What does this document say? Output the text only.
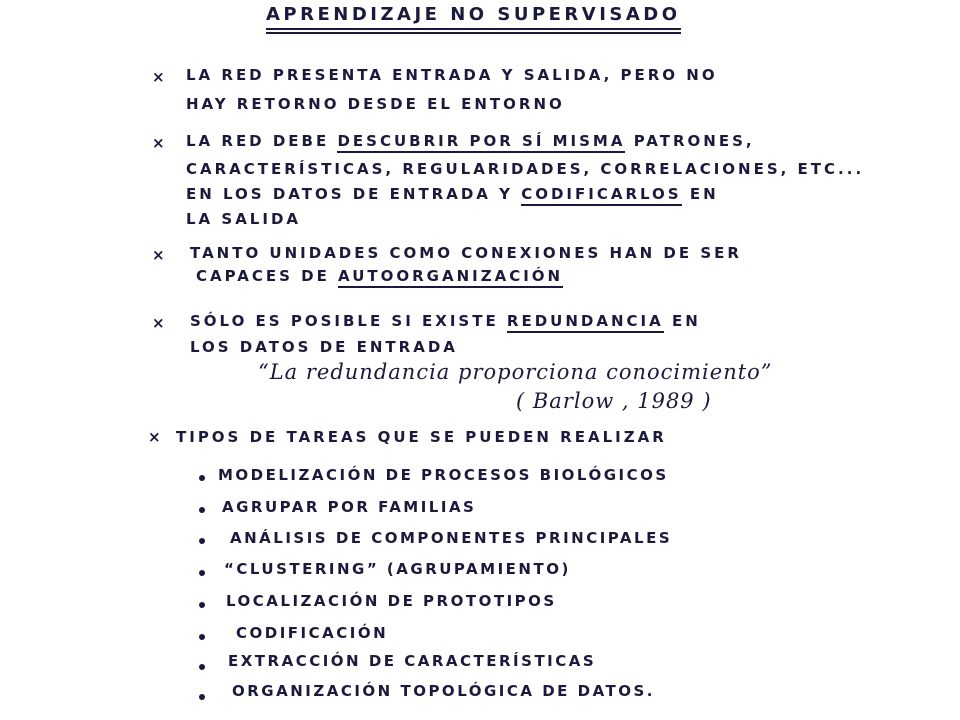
APRENDIZAJE NO SUPERVISADO
× LA RED PRESENTA ENTRADA Y SALIDA, PERO NO
HAY RETORNO DESDE EL ENTORNO
× LA RED DEBE DESCUBRIR POR SÍ MISMA PATRONES,
CARACTERÍSTICAS, REGULARIDADES, CORRELACIONES, ETC...
EN LOS DATOS DE ENTRADA Y CODIFICARLOS EN
LA SALIDA
× TANTO UNIDADES COMO CONEXIONES HAN DE SER
CAPACES DE AUTOORGANIZACIÓN
× SÓLO ES POSIBLE SI EXISTE REDUNDANCIA EN
LOS DATOS DE ENTRADA
“La redundancia proporciona conocimiento”
( Barlow , 1989 )
× TIPOS DE TAREAS QUE SE PUEDEN REALIZAR
MODELIZACIÓN DE PROCESOS BIOLÓGICOS
AGRUPAR POR FAMILIAS
ANÁLISIS DE COMPONENTES PRINCIPALES
“CLUSTERING” (AGRUPAMIENTO)
LOCALIZACIÓN DE PROTOTIPOS
CODIFICACIÓN
EXTRACCIÓN DE CARACTERÍSTICAS
ORGANIZACIÓN TOPOLÓGICA DE DATOS.
